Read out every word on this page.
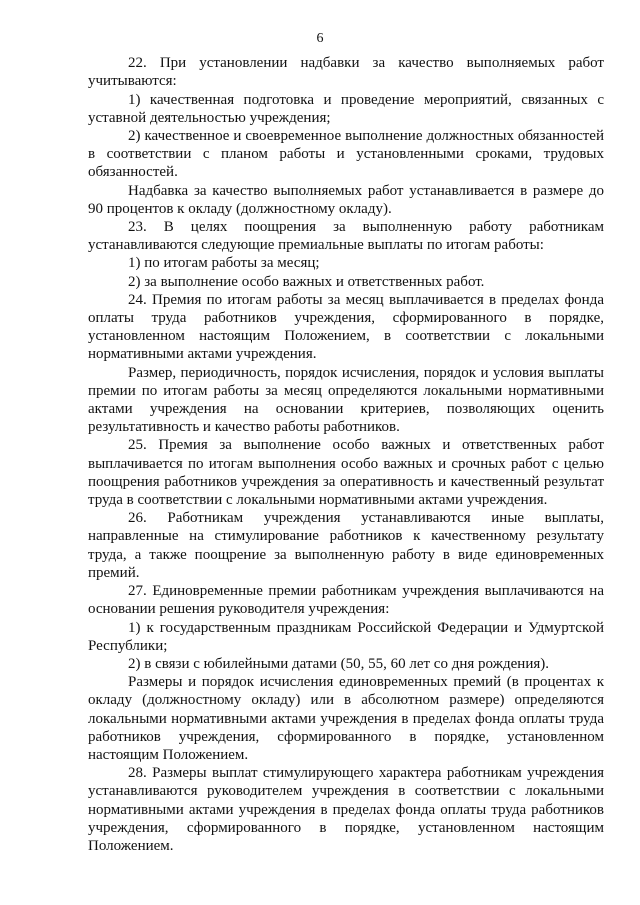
6

22. При установлении надбавки за качество выполняемых работ учитываются:

1) качественная подготовка и проведение мероприятий, связанных с уставной деятельностью учреждения;

2) качественное и своевременное выполнение должностных обязанностей в соответствии с планом работы и установленными сроками, трудовых обязанностей.

Надбавка за качество выполняемых работ устанавливается в размере до 90 процентов к окладу (должностному окладу).

23. В целях поощрения за выполненную работу работникам устанавливаются следующие премиальные выплаты по итогам работы:

1) по итогам работы за месяц;

2) за выполнение особо важных и ответственных работ.

24. Премия по итогам работы за месяц выплачивается в пределах фонда оплаты труда работников учреждения, сформированного в порядке, установленном настоящим Положением, в соответствии с локальными нормативными актами учреждения.

Размер, периодичность, порядок исчисления, порядок и условия выплаты премии по итогам работы за месяц определяются локальными нормативными актами учреждения на основании критериев, позволяющих оценить результативность и качество работы работников.

25. Премия за выполнение особо важных и ответственных работ выплачивается по итогам выполнения особо важных и срочных работ с целью поощрения работников учреждения за оперативность и качественный результат труда в соответствии с локальными нормативными актами учреждения.

26. Работникам учреждения устанавливаются иные выплаты, направленные на стимулирование работников к качественному результату труда, а также поощрение за выполненную работу в виде единовременных премий.

27. Единовременные премии работникам учреждения выплачиваются на основании решения руководителя учреждения:

1) к государственным праздникам Российской Федерации и Удмуртской Республики;

2) в связи с юбилейными датами (50, 55, 60 лет со дня рождения).

Размеры и порядок исчисления единовременных премий (в процентах к окладу (должностному окладу) или в абсолютном размере) определяются локальными нормативными актами учреждения в пределах фонда оплаты труда работников учреждения, сформированного в порядке, установленном настоящим Положением.

28. Размеры выплат стимулирующего характера работникам учреждения устанавливаются руководителем учреждения в соответствии с локальными нормативными актами учреждения в пределах фонда оплаты труда работников учреждения, сформированного в порядке, установленном настоящим Положением.
